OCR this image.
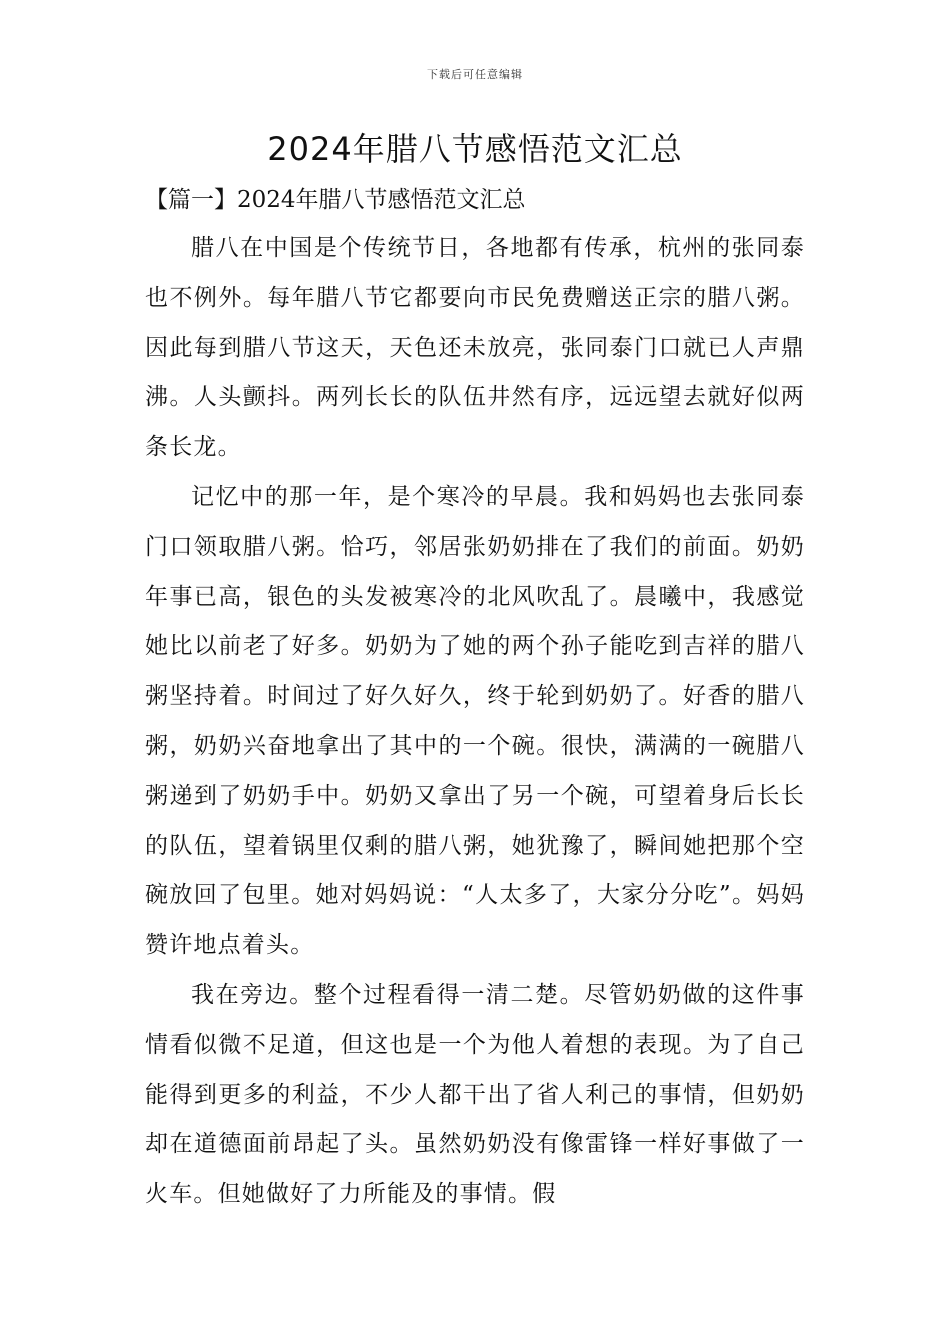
下载后可任意编辑
2024年腊八节感悟范文汇总
【篇一】2024年腊八节感悟范文汇总

腊八在中国是个传统节日，各地都有传承，杭州的张同泰也不例外。每年腊八节它都要向市民免费赠送正宗的腊八粥。因此每到腊八节这天，天色还未放亮，张同泰门口就已人声鼎沸。人头颤抖。两列长长的队伍井然有序，远远望去就好似两条长龙。

记忆中的那一年，是个寒冷的早晨。我和妈妈也去张同泰门口领取腊八粥。恰巧，邻居张奶奶排在了我们的前面。奶奶年事已高，银色的头发被寒冷的北风吹乱了。晨曦中，我感觉她比以前老了好多。奶奶为了她的两个孙子能吃到吉祥的腊八粥坚持着。时间过了好久好久，终于轮到奶奶了。好香的腊八粥，奶奶兴奋地拿出了其中的一个碗。很快，满满的一碗腊八粥递到了奶奶手中。奶奶又拿出了另一个碗，可望着身后长长的队伍，望着锅里仅剩的腊八粥，她犹豫了，瞬间她把那个空碗放回了包里。她对妈妈说：“人太多了，大家分分吃”。妈妈赞许地点着头。

我在旁边。整个过程看得一清二楚。尽管奶奶做的这件事情看似微不足道，但这也是一个为他人着想的表现。为了自己能得到更多的利益，不少人都干出了省人利己的事情，但奶奶却在道德面前昂起了头。虽然奶奶没有像雷锋一样好事做了一火车。但她做好了力所能及的事情。假
